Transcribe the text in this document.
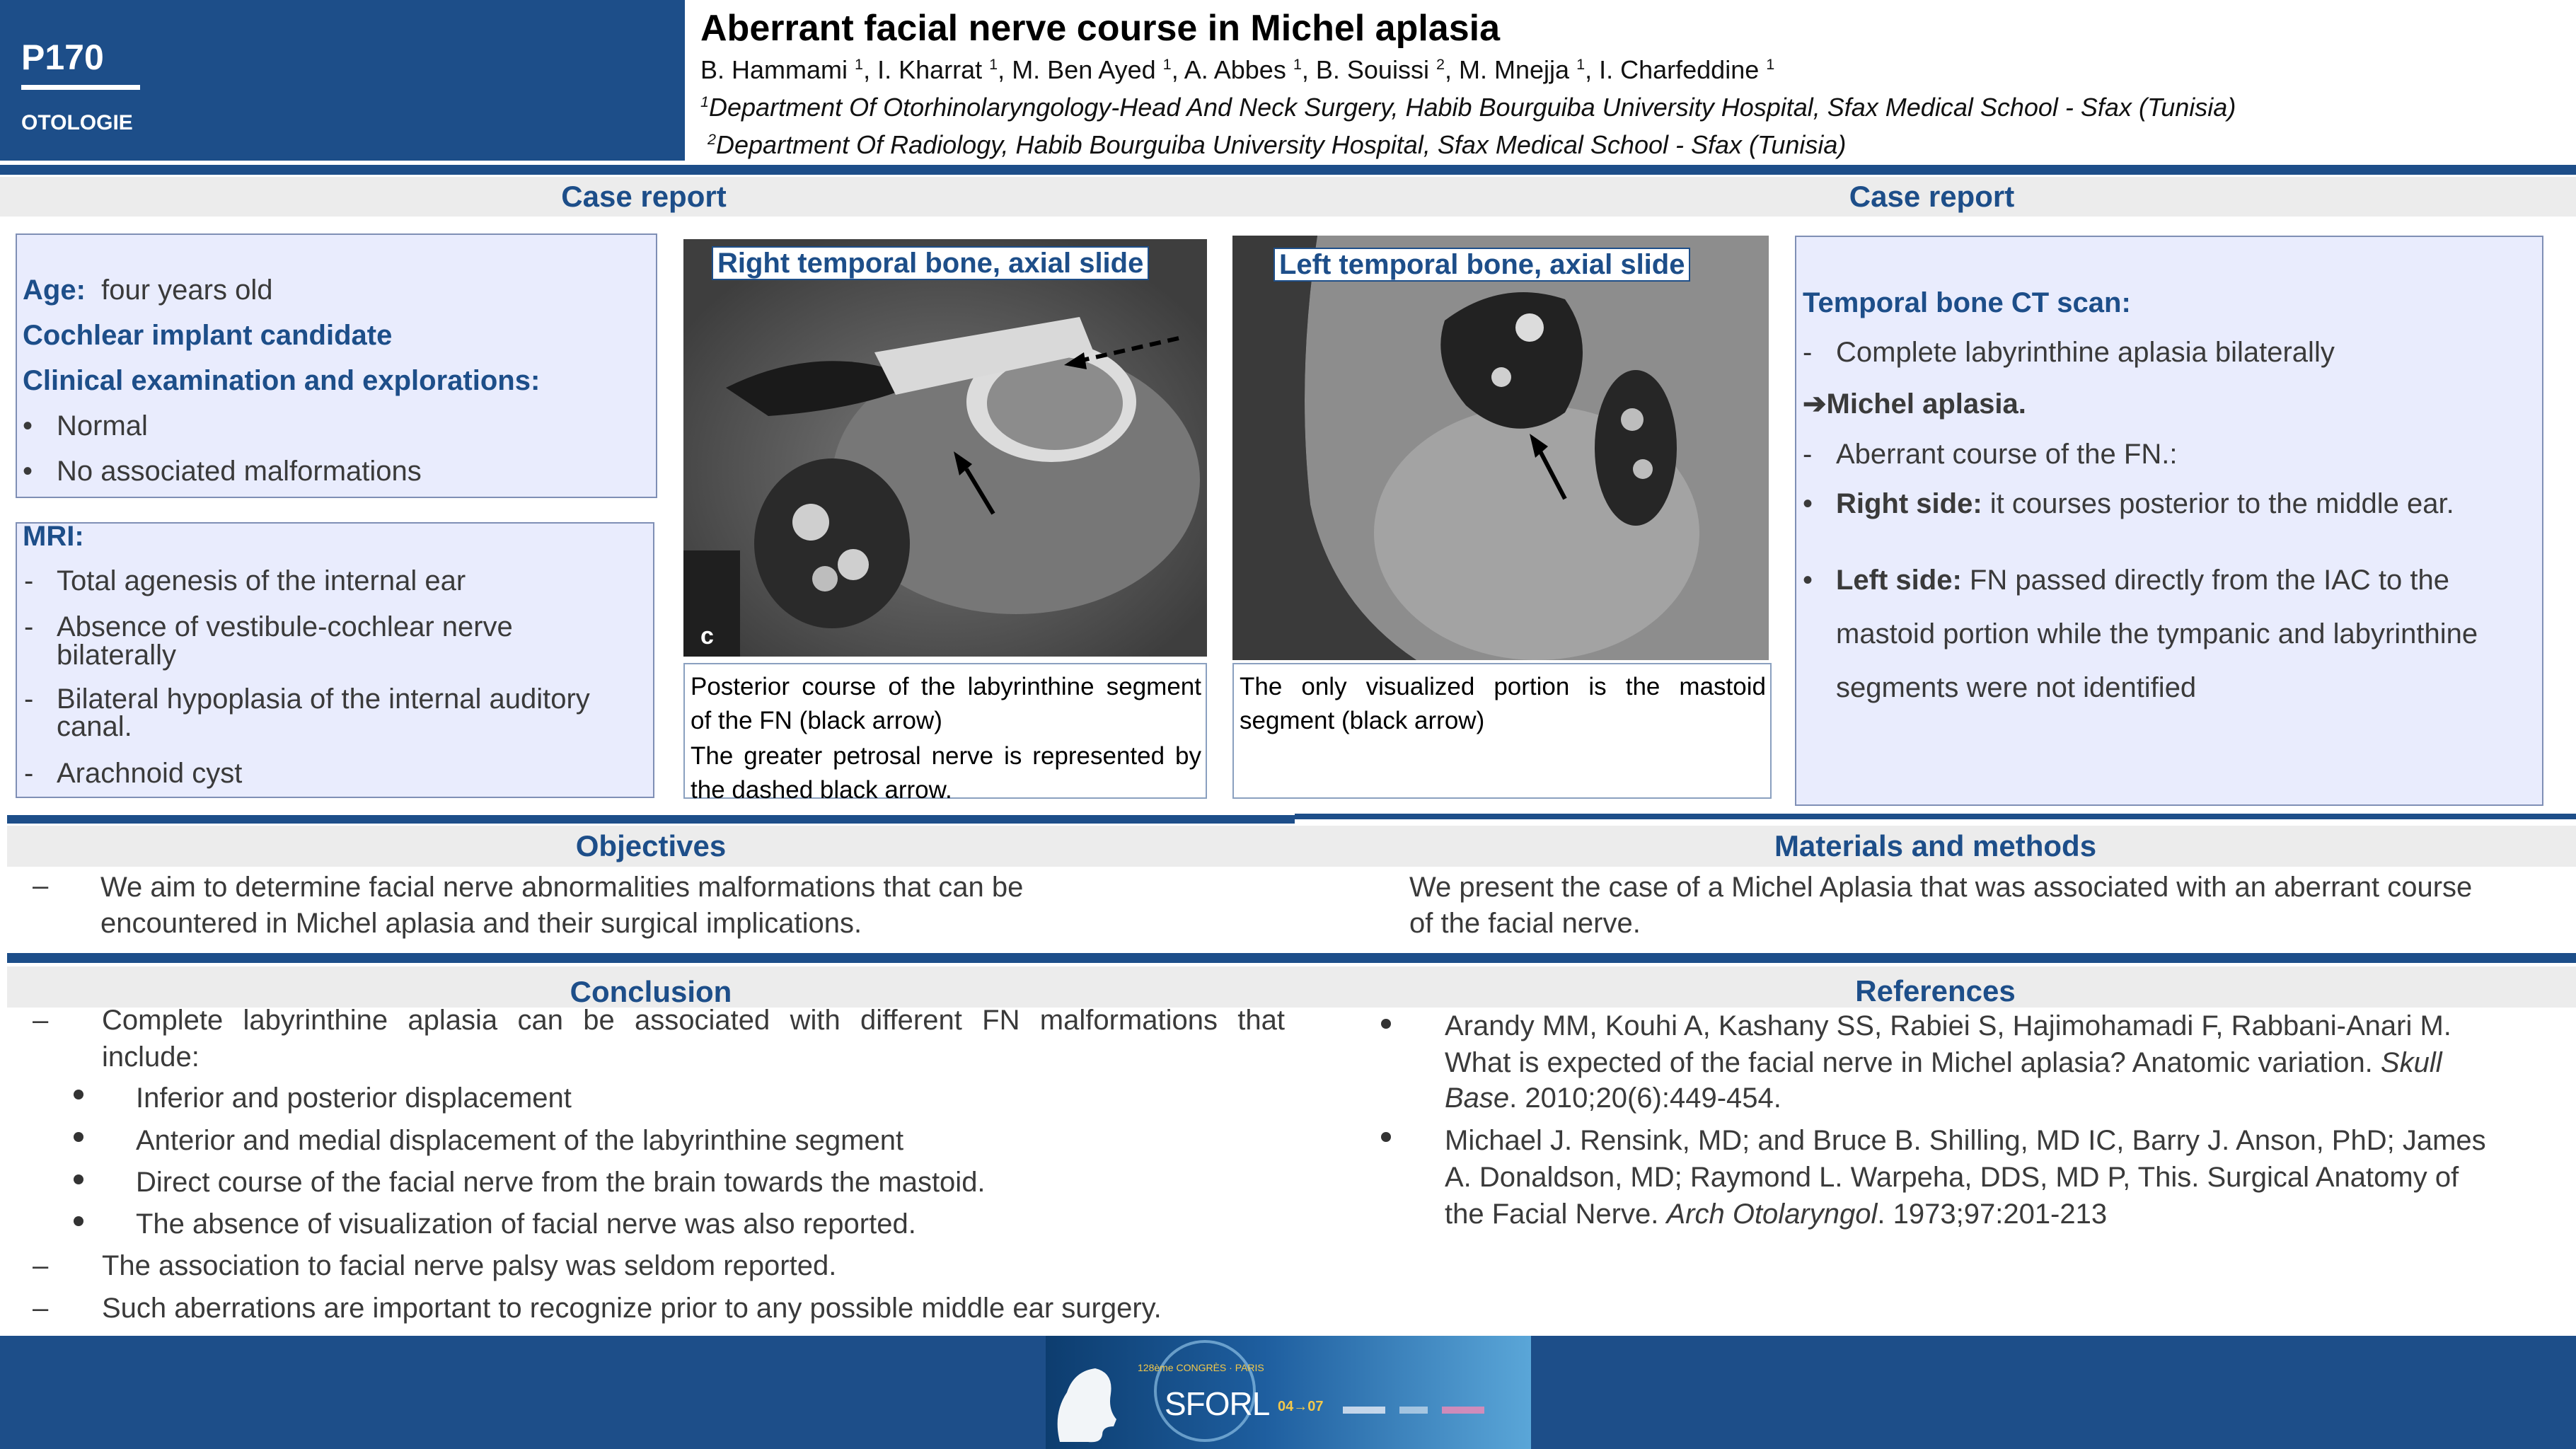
P170
OTOLOGIE
Aberrant facial nerve course in Michel aplasia
B. Hammami $^1$, I. Kharrat $^1$, M. Ben Ayed $^1$, A. Abbes $^1$, B. Souissi $^2$, M. Mnejja $^1$, I. Charfeddine $^1$
$^1$Department Of Otorhinolaryngology-Head And Neck Surgery, Habib Bourguiba University Hospital, Sfax Medical School - Sfax (Tunisia)
$^2$Department Of Radiology, Habib Bourguiba University Hospital, Sfax Medical School - Sfax (Tunisia)
Case report	Case report
Age: four years old
Cochlear implant candidate
Clinical examination and explorations:
• Normal
• No associated malformations
MRI:
- Total agenesis of the internal ear
- Absence of vestibule-cochlear nerve
bilaterally
- Bilateral hypoplasia of the internal auditory
canal.
- Arachnoid cyst
c
Right temporal bone, axial slide

Posterior course of the labyrinthine segment of the FN (black arrow)

The greater petrosal nerve is represented by the dashed black arrow.

Left temporal bone, axial slide

The only visualized portion is the mastoid segment (black arrow)

Temporal bone CT scan:
- Complete labyrinthine aplasia bilaterally
➔Michel aplasia.
- Aberrant course of the FN.:
• Right side: it courses posterior to the middle ear.
• Left side: FN passed directly from the IAC to the
mastoid portion while the tympanic and labyrinthine
segments were not identified
Objectives	Materials and methods
– We aim to determine facial nerve abnormalities malformations that can be
encountered in Michel aplasia and their surgical implications.
We present the case of a Michel Aplasia that was associated with an aberrant course
of the facial nerve.
Conclusion	References
– Complete labyrinthine aplasia can be associated with different FN malformations that
include:
Inferior and posterior displacement
Anterior and medial displacement of the labyrinthine segment
Direct course of the facial nerve from the brain towards the mastoid.
The absence of visualization of facial nerve was also reported.
– The association to facial nerve palsy was seldom reported.
– Such aberrations are important to recognize prior to any possible middle ear surgery.
Arandy MM, Kouhi A, Kashany SS, Rabiei S, Hajimohamadi F, Rabbani-Anari M.
What is expected of the facial nerve in Michel aplasia? Anatomic variation. Skull
Base. 2010;20(6):449-454.
Michael J. Rensink, MD; and Bruce B. Shilling, MD IC, Barry J. Anson, PhD; James
A. Donaldson, MD; Raymond L. Warpeha, DDS, MD P, This. Surgical Anatomy of
the Facial Nerve. Arch Otolaryngol. 1973;97:201-213
128ème CONGRÈS · PARIS
SFORL 04→07
